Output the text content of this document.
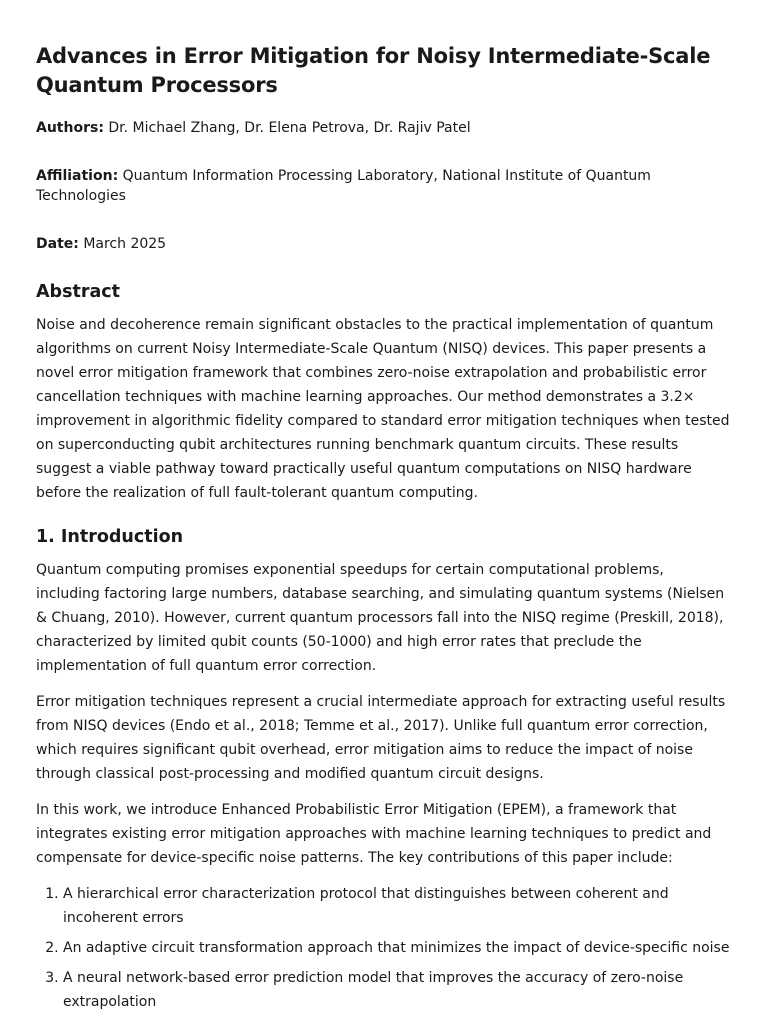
Advances in Error Mitigation for Noisy Intermediate-Scale Quantum Processors
Authors: Dr. Michael Zhang, Dr. Elena Petrova, Dr. Rajiv Patel
Affiliation: Quantum Information Processing Laboratory, National Institute of Quantum Technologies
Date: March 2025
Abstract

Noise and decoherence remain significant obstacles to the practical implementation of quantum algorithms on current Noisy Intermediate-Scale Quantum (NISQ) devices. This paper presents a novel error mitigation framework that combines zero-noise extrapolation and probabilistic error cancellation techniques with machine learning approaches. Our method demonstrates a 3.2× improvement in algorithmic fidelity compared to standard error mitigation techniques when tested on superconducting qubit architectures running benchmark quantum circuits. These results suggest a viable pathway toward practically useful quantum computations on NISQ hardware before the realization of full fault-tolerant quantum computing.

1. Introduction

Quantum computing promises exponential speedups for certain computational problems, including factoring large numbers, database searching, and simulating quantum systems (Nielsen & Chuang, 2010). However, current quantum processors fall into the NISQ regime (Preskill, 2018), characterized by limited qubit counts (50-1000) and high error rates that preclude the implementation of full quantum error correction.

Error mitigation techniques represent a crucial intermediate approach for extracting useful results from NISQ devices (Endo et al., 2018; Temme et al., 2017). Unlike full quantum error correction, which requires significant qubit overhead, error mitigation aims to reduce the impact of noise through classical post-processing and modified quantum circuit designs.

In this work, we introduce Enhanced Probabilistic Error Mitigation (EPEM), a framework that integrates existing error mitigation approaches with machine learning techniques to predict and compensate for device-specific noise patterns. The key contributions of this paper include:

1. A hierarchical error characterization protocol that distinguishes between coherent and incoherent errors
2. An adaptive circuit transformation approach that minimizes the impact of device-specific noise
3. A neural network-based error prediction model that improves the accuracy of zero-noise extrapolation
